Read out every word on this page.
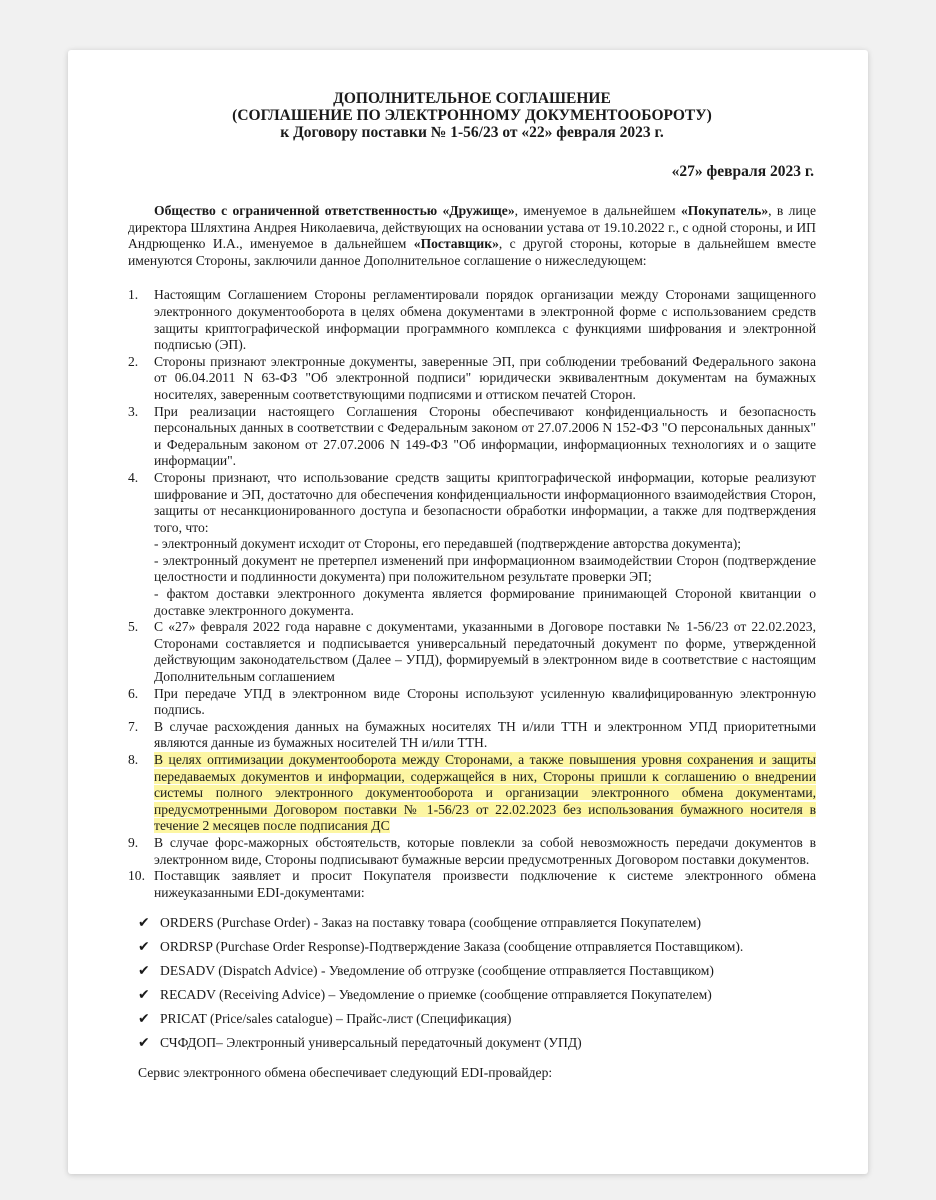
ДОПОЛНИТЕЛЬНОЕ СОГЛАШЕНИЕ
(СОГЛАШЕНИЕ ПО ЭЛЕКТРОННОМУ ДОКУМЕНТООБОРОТУ)
к Договору поставки № 1-56/23 от «22» февраля 2023 г.
«27» февраля 2023 г.
Общество с ограниченной ответственностью «Дружище», именуемое в дальнейшем «Покупатель», в лице директора Шляхтина Андрея Николаевича, действующих на основании устава от 19.10.2022 г., с одной стороны, и ИП Андрющенко И.А., именуемое в дальнейшем «Поставщик», с другой стороны, которые в дальнейшем вместе именуются Стороны, заключили данное Дополнительное соглашение о нижеследующем:
1. Настоящим Соглашением Стороны регламентировали порядок организации между Сторонами защищенного электронного документооборота в целях обмена документами в электронной форме с использованием средств защиты криптографической информации программного комплекса с функциями шифрования и электронной подписью (ЭП).
2. Стороны признают электронные документы, заверенные ЭП, при соблюдении требований Федерального закона от 06.04.2011 N 63-ФЗ "Об электронной подписи" юридически эквивалентным документам на бумажных носителях, заверенным соответствующими подписями и оттиском печатей Сторон.
3. При реализации настоящего Соглашения Стороны обеспечивают конфиденциальность и безопасность персональных данных в соответствии с Федеральным законом от 27.07.2006 N 152-ФЗ "О персональных данных" и Федеральным законом от 27.07.2006 N 149-ФЗ "Об информации, информационных технологиях и о защите информации".
4. Стороны признают, что использование средств защиты криптографической информации, которые реализуют шифрование и ЭП, достаточно для обеспечения конфиденциальности информационного взаимодействия Сторон, защиты от несанкционированного доступа и безопасности обработки информации, а также для подтверждения того, что:
- электронный документ исходит от Стороны, его передавшей (подтверждение авторства документа);
- электронный документ не претерпел изменений при информационном взаимодействии Сторон (подтверждение целостности и подлинности документа) при положительном результате проверки ЭП;
- фактом доставки электронного документа является формирование принимающей Стороной квитанции о доставке электронного документа.
5. С «27» февраля 2022 года наравне с документами, указанными в Договоре поставки № 1-56/23 от 22.02.2023, Сторонами составляется и подписывается универсальный передаточный документ по форме, утвержденной действующим законодательством (Далее – УПД), формируемый в электронном виде в соответствие с настоящим Дополнительным соглашением
6. При передаче УПД в электронном виде Стороны используют усиленную квалифицированную электронную подпись.
7. В случае расхождения данных на бумажных носителях ТН и/или ТТН и электронном УПД приоритетными являются данные из бумажных носителей ТН и/или ТТН.
8. В целях оптимизации документооборота между Сторонами, а также повышения уровня сохранения и защиты передаваемых документов и информации, содержащейся в них, Стороны пришли к соглашению о внедрении системы полного электронного документооборота и организации электронного обмена документами, предусмотренными Договором поставки № 1-56/23 от 22.02.2023 без использования бумажного носителя в течение 2 месяцев после подписания ДС
9. В случае форс-мажорных обстоятельств, которые повлекли за собой невозможность передачи документов в электронном виде, Стороны подписывают бумажные версии предусмотренных Договором поставки документов.
10. Поставщик заявляет и просит Покупателя произвести подключение к системе электронного обмена нижеуказанными EDI-документами:
✔ ORDERS (Purchase Order) - Заказ на поставку товара (сообщение отправляется Покупателем)
✔ ORDRSP (Purchase Order Response)-Подтверждение Заказа (сообщение отправляется Поставщиком).
✔ DESADV (Dispatch Advice) - Уведомление об отгрузке (сообщение отправляется Поставщиком)
✔ RECADV (Receiving Advice) – Уведомление о приемке (сообщение отправляется Покупателем)
✔ PRICAT (Price/sales catalogue) – Прайс-лист (Спецификация)
✔ СЧФДОП– Электронный универсальный передаточный документ (УПД)
Сервис электронного обмена обеспечивает следующий EDI-провайдер:
